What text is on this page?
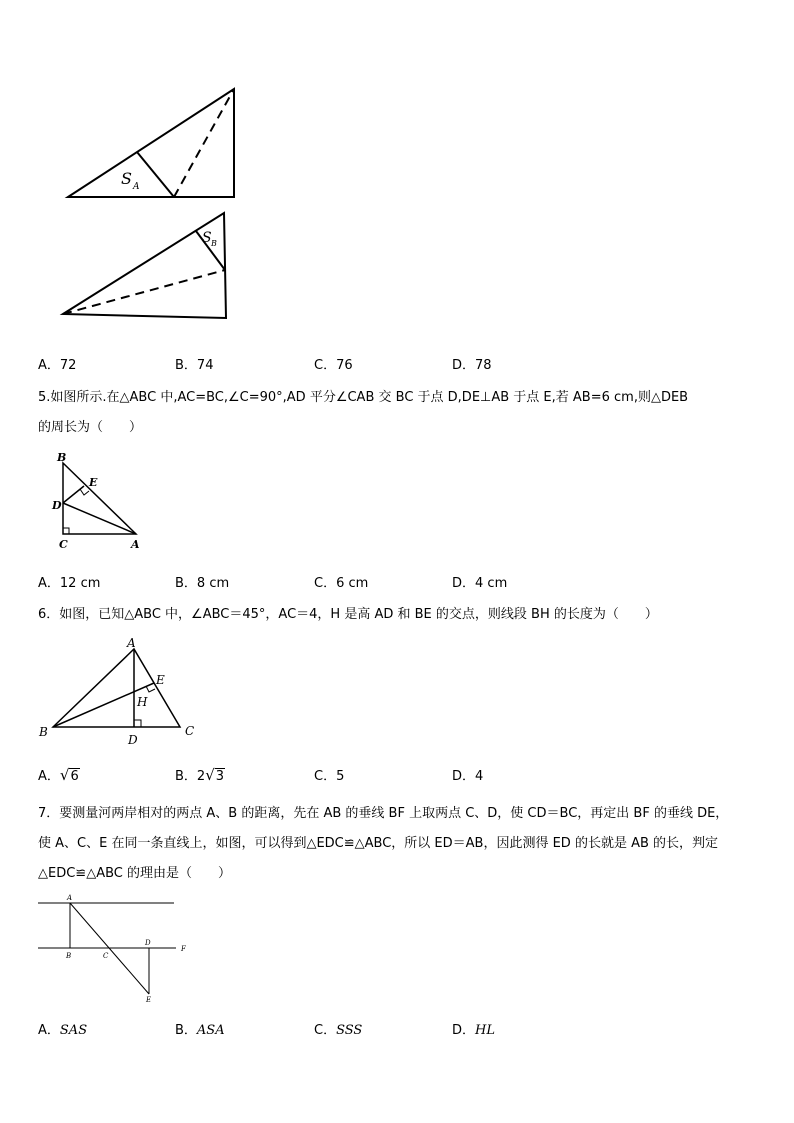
S A
S B
A．72	B．74	C．76	D．78
5.如图所示.在△ABC 中,AC=BC,∠C=90°,AD 平分∠CAB 交 BC 于点 D,DE⊥AB 于点 E,若 AB=6 cm,则△DEB
的周长为（　　）
B
E
D
C	A
A．12 cm	B．8 cm	C．6 cm	D．4 cm
6．如图，已知△ABC 中，∠ABC＝45°，AC＝4，H 是高 AD 和 BE 的交点，则线段 BH 的长度为（　　）
A
E
H
B
D
C
A．√6	B．2√3	C．5	D．4
7．要测量河两岸相对的两点 A、B 的距离，先在 AB 的垂线 BF 上取两点 C、D，使 CD＝BC，再定出 BF 的垂线 DE，
使 A、C、E 在同一条直线上，如图，可以得到△EDC≌△ABC，所以 ED＝AB，因此测得 ED 的长就是 AB 的长，判定
△EDC≌△ABC 的理由是（　　）
A
B	C
D
E
F
A．SAS	B．ASA	C．SSS	D．HL
